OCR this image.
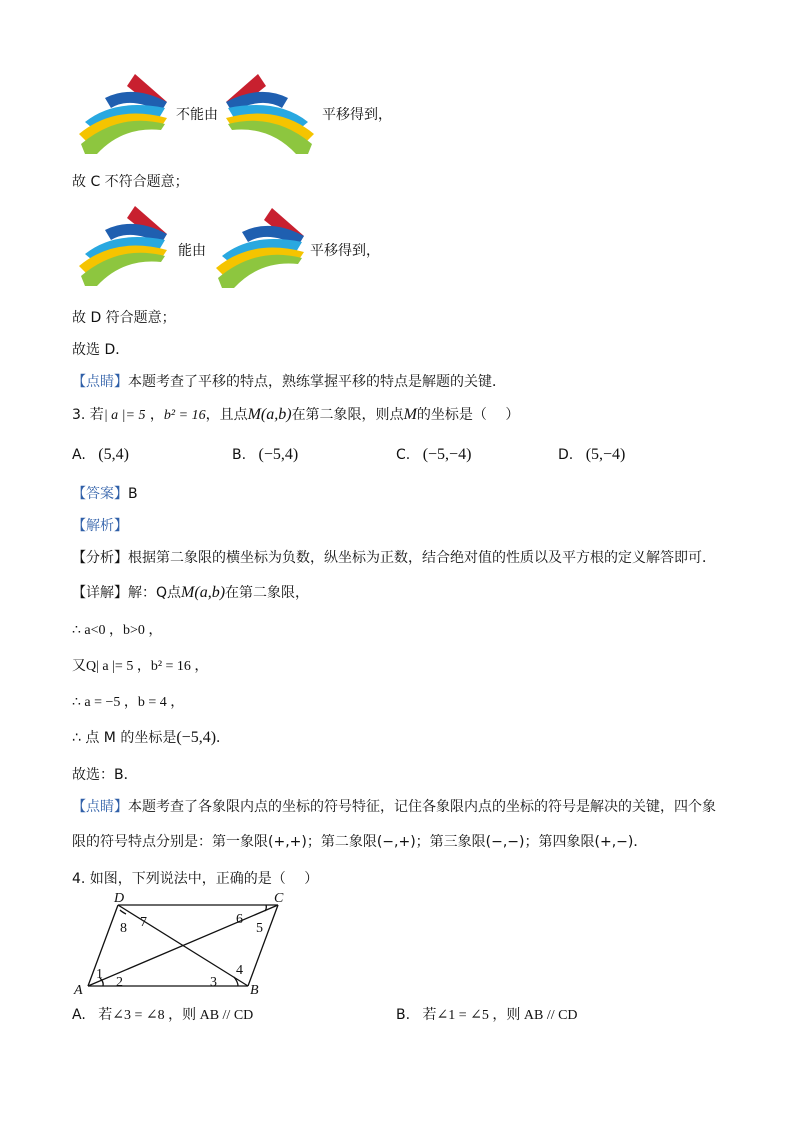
不能由	平移得到，
故 C 不符合题意；
能由	平移得到，
故 D 符合题意；
故选 D．
【点睛】本题考查了平移的特点，熟练掌握平移的特点是解题的关键．
3. 若| a |= 5 ，b² = 16，且点M(a,b)在第二象限，则点M的坐标是（　 ）
A. (5,4)	B. (−5,4)	C. (−5,−4)	D. (5,−4)
【答案】B
【解析】
【分析】根据第二象限的横坐标为负数，纵坐标为正数，结合绝对值的性质以及平方根的定义解答即可．
【详解】解：Q点M(a,b)在第二象限，
∴ a<0 ，b>0 ，
又Q| a |= 5 ，b² = 16 ，
∴ a = −5 ，b = 4 ，
∴ 点 M 的坐标是(−5,4)．
故选：B．
【点睛】本题考查了各象限内点的坐标的符号特征，记住各象限内点的坐标的符号是解决的关键，四个象
限的符号特点分别是：第一象限(+,+)；第二象限(−,+)；第三象限(−,−)；第四象限(+,−)．
4. 如图，下列说法中，正确的是（　 ）
D	C
A	B
7
8
6
5
1
2	3
4
A. 若∠3 = ∠8 ，则 AB // CD	B. 若∠1 = ∠5 ，则 AB // CD
